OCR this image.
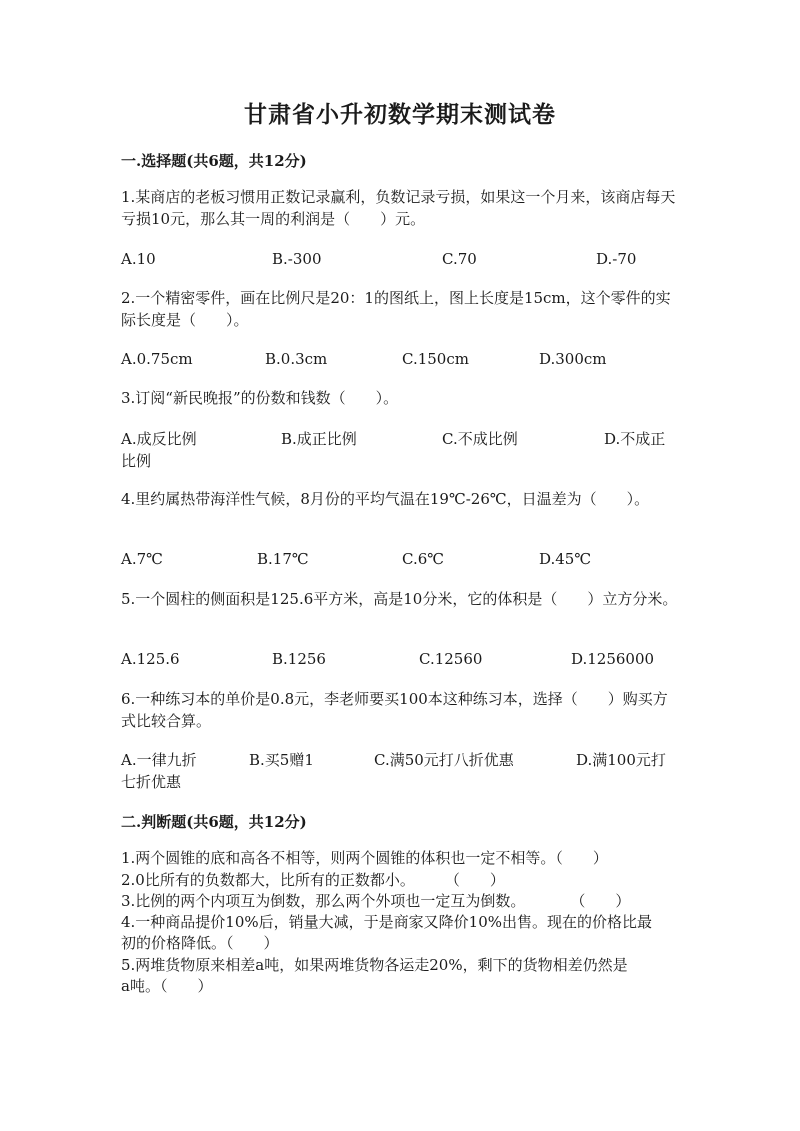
甘肃省小升初数学期末测试卷
一.选择题(共6题，共12分)
1.某商店的老板习惯用正数记录赢利，负数记录亏损，如果这一个月来，该商店每天亏损10元，那么其一周的利润是（　　）元。
A.10	B.-300	C.70	D.-70
2.一个精密零件，画在比例尺是20：1的图纸上，图上长度是15cm，这个零件的实际长度是（　　）。
A.0.75cm	B.0.3cm	C.150cm	D.300cm
3.订阅“新民晚报”的份数和钱数（　　）。
A.成反比例	B.成正比例	C.不成比例	D.不成正
比例
4.里约属热带海洋性气候，8月份的平均气温在19℃-26℃，日温差为（　　）。
A.7℃	B.17℃	C.6℃	D.45℃
5.一个圆柱的侧面积是125.6平方米，高是10分米，它的体积是（　　）立方分米。
A.125.6	B.1256	C.12560	D.1256000
6.一种练习本的单价是0.8元，李老师要买100本这种练习本，选择（　　）购买方式比较合算。
A.一律九折	B.买5赠1	C.满50元打八折优惠	D.满100元打
七折优惠
二.判断题(共6题，共12分)
1.两个圆锥的底和高各不相等，则两个圆锥的体积也一定不相等。（　　）
2.0比所有的负数都大，比所有的正数都小。　　　（　　）
3.比例的两个内项互为倒数，那么两个外项也一定互为倒数。　　　　（　　）
4.一种商品提价10%后，销量大减，于是商家又降价10%出售。现在的价格比最
初的价格降低。（　　）
5.两堆货物原来相差a吨，如果两堆货物各运走20%，剩下的货物相差仍然是
a吨。（　　）
